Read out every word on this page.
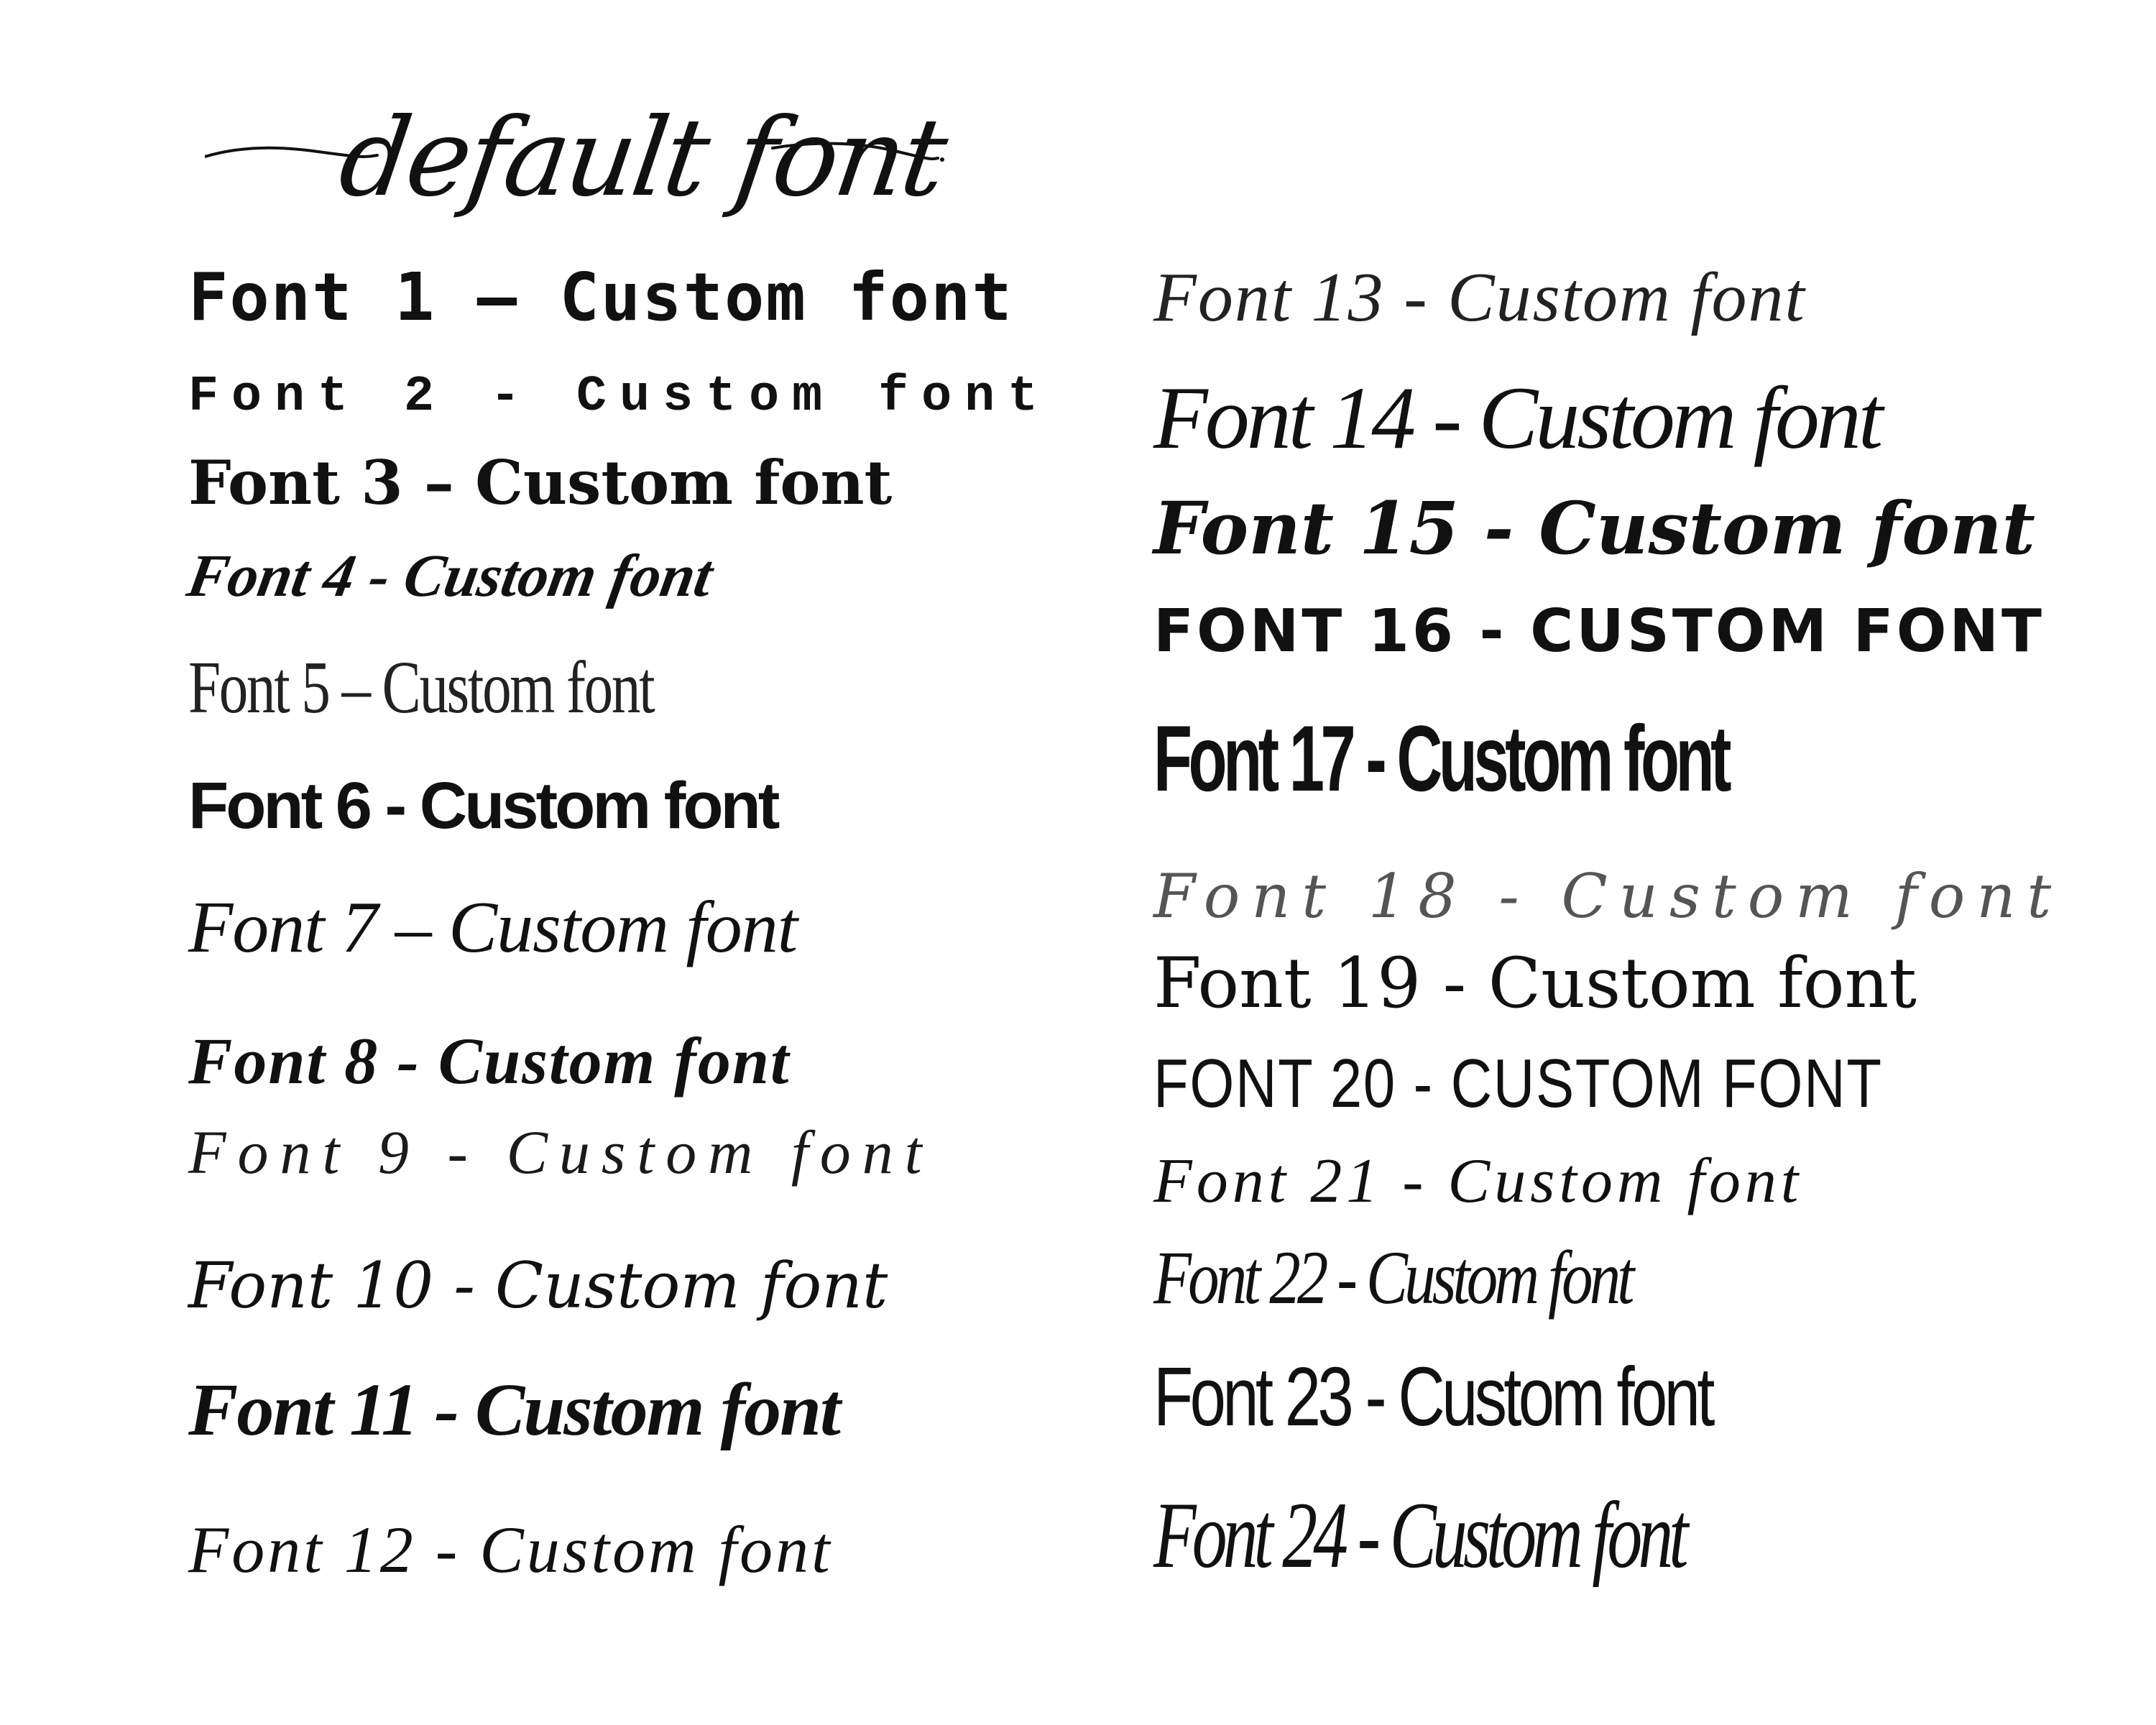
default font
Font 1 – Custom font
Font 2 - Custom font
Font 3 – Custom font
Font 4 - Custom font
Font 5 – Custom font
Font 6 - Custom font
Font 7 – Custom font
Font 8 - Custom font
Font 9 - Custom font
Font 10 - Custom font
Font 11 - Custom font
Font 12 - Custom font
Font 13 - Custom font
Font 14 - Custom font
Font 15 - Custom font
FONT 16 - CUSTOM FONT
Font 17 - Custom font
Font 18 - Custom font
Font 19 - Custom font
FONT 20 - CUSTOM FONT
Font 21 - Custom font
Font 22 - Custom font
Font 23 - Custom font
Font 24 - Custom font
